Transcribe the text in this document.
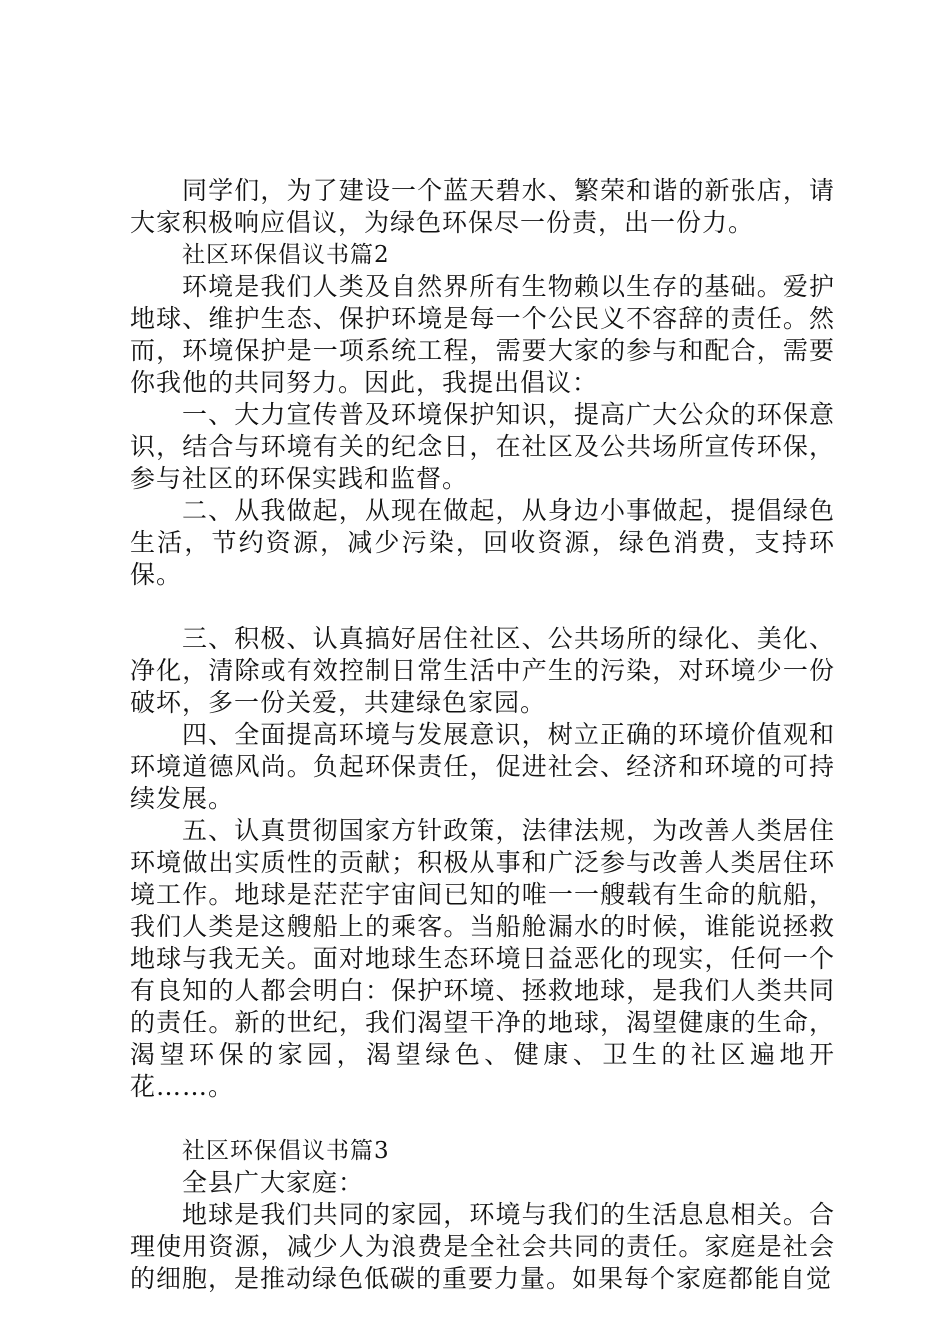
同学们，为了建设一个蓝天碧水、繁荣和谐的新张店，请大家积极响应倡议，为绿色环保尽一份责，出一份力。

社区环保倡议书篇2

环境是我们人类及自然界所有生物赖以生存的基础。爱护地球、维护生态、保护环境是每一个公民义不容辞的责任。然而，环境保护是一项系统工程，需要大家的参与和配合，需要你我他的共同努力。因此，我提出倡议：

一、大力宣传普及环境保护知识，提高广大公众的环保意识，结合与环境有关的纪念日，在社区及公共场所宣传环保，参与社区的环保实践和监督。

二、从我做起，从现在做起，从身边小事做起，提倡绿色生活，节约资源，减少污染，回收资源，绿色消费，支持环保。

三、积极、认真搞好居住社区、公共场所的绿化、美化、净化，清除或有效控制日常生活中产生的污染，对环境少一份破坏，多一份关爱，共建绿色家园。

四、全面提高环境与发展意识，树立正确的环境价值观和环境道德风尚。负起环保责任，促进社会、经济和环境的可持续发展。

五、认真贯彻国家方针政策，法律法规，为改善人类居住环境做出实质性的贡献；积极从事和广泛参与改善人类居住环境工作。地球是茫茫宇宙间已知的唯一一艘载有生命的航船，我们人类是这艘船上的乘客。当船舱漏水的时候，谁能说拯救地球与我无关。面对地球生态环境日益恶化的现实，任何一个有良知的人都会明白：保护环境、拯救地球，是我们人类共同的责任。新的世纪，我们渴望干净的地球，渴望健康的生命，渴望环保的家园，渴望绿色、健康、卫生的社区遍地开花……。

社区环保倡议书篇3

全县广大家庭：

地球是我们共同的家园，环境与我们的生活息息相关。合理使用资源，减少人为浪费是全社会共同的责任。家庭是社会的细胞，是推动绿色低碳的重要力量。如果每个家庭都能自觉
